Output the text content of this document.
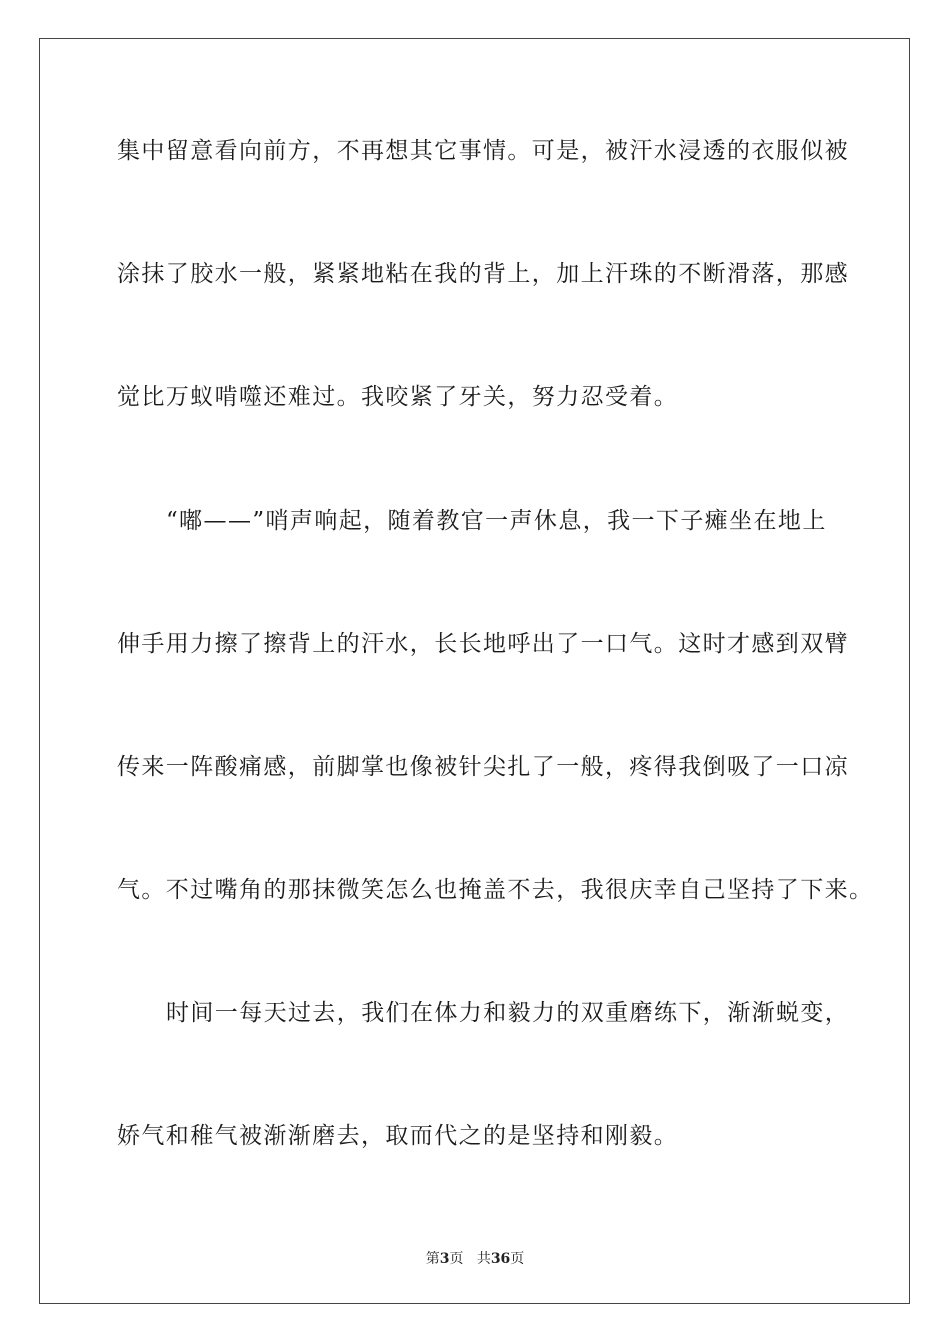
集中留意看向前方，不再想其它事情。可是，被汗水浸透的衣服似被
涂抹了胶水一般，紧紧地粘在我的背上，加上汗珠的不断滑落，那感
觉比万蚁啃噬还难过。我咬紧了牙关，努力忍受着。
“嘟——”哨声响起，随着教官一声休息，我一下子瘫坐在地上
伸手用力擦了擦背上的汗水，长长地呼出了一口气。这时才感到双臂
传来一阵酸痛感，前脚掌也像被针尖扎了一般，疼得我倒吸了一口凉
气。不过嘴角的那抹微笑怎么也掩盖不去，我很庆幸自己坚持了下来。
时间一每天过去，我们在体力和毅力的双重磨练下，渐渐蜕变，
娇气和稚气被渐渐磨去，取而代之的是坚持和刚毅。
第3页 共36页
